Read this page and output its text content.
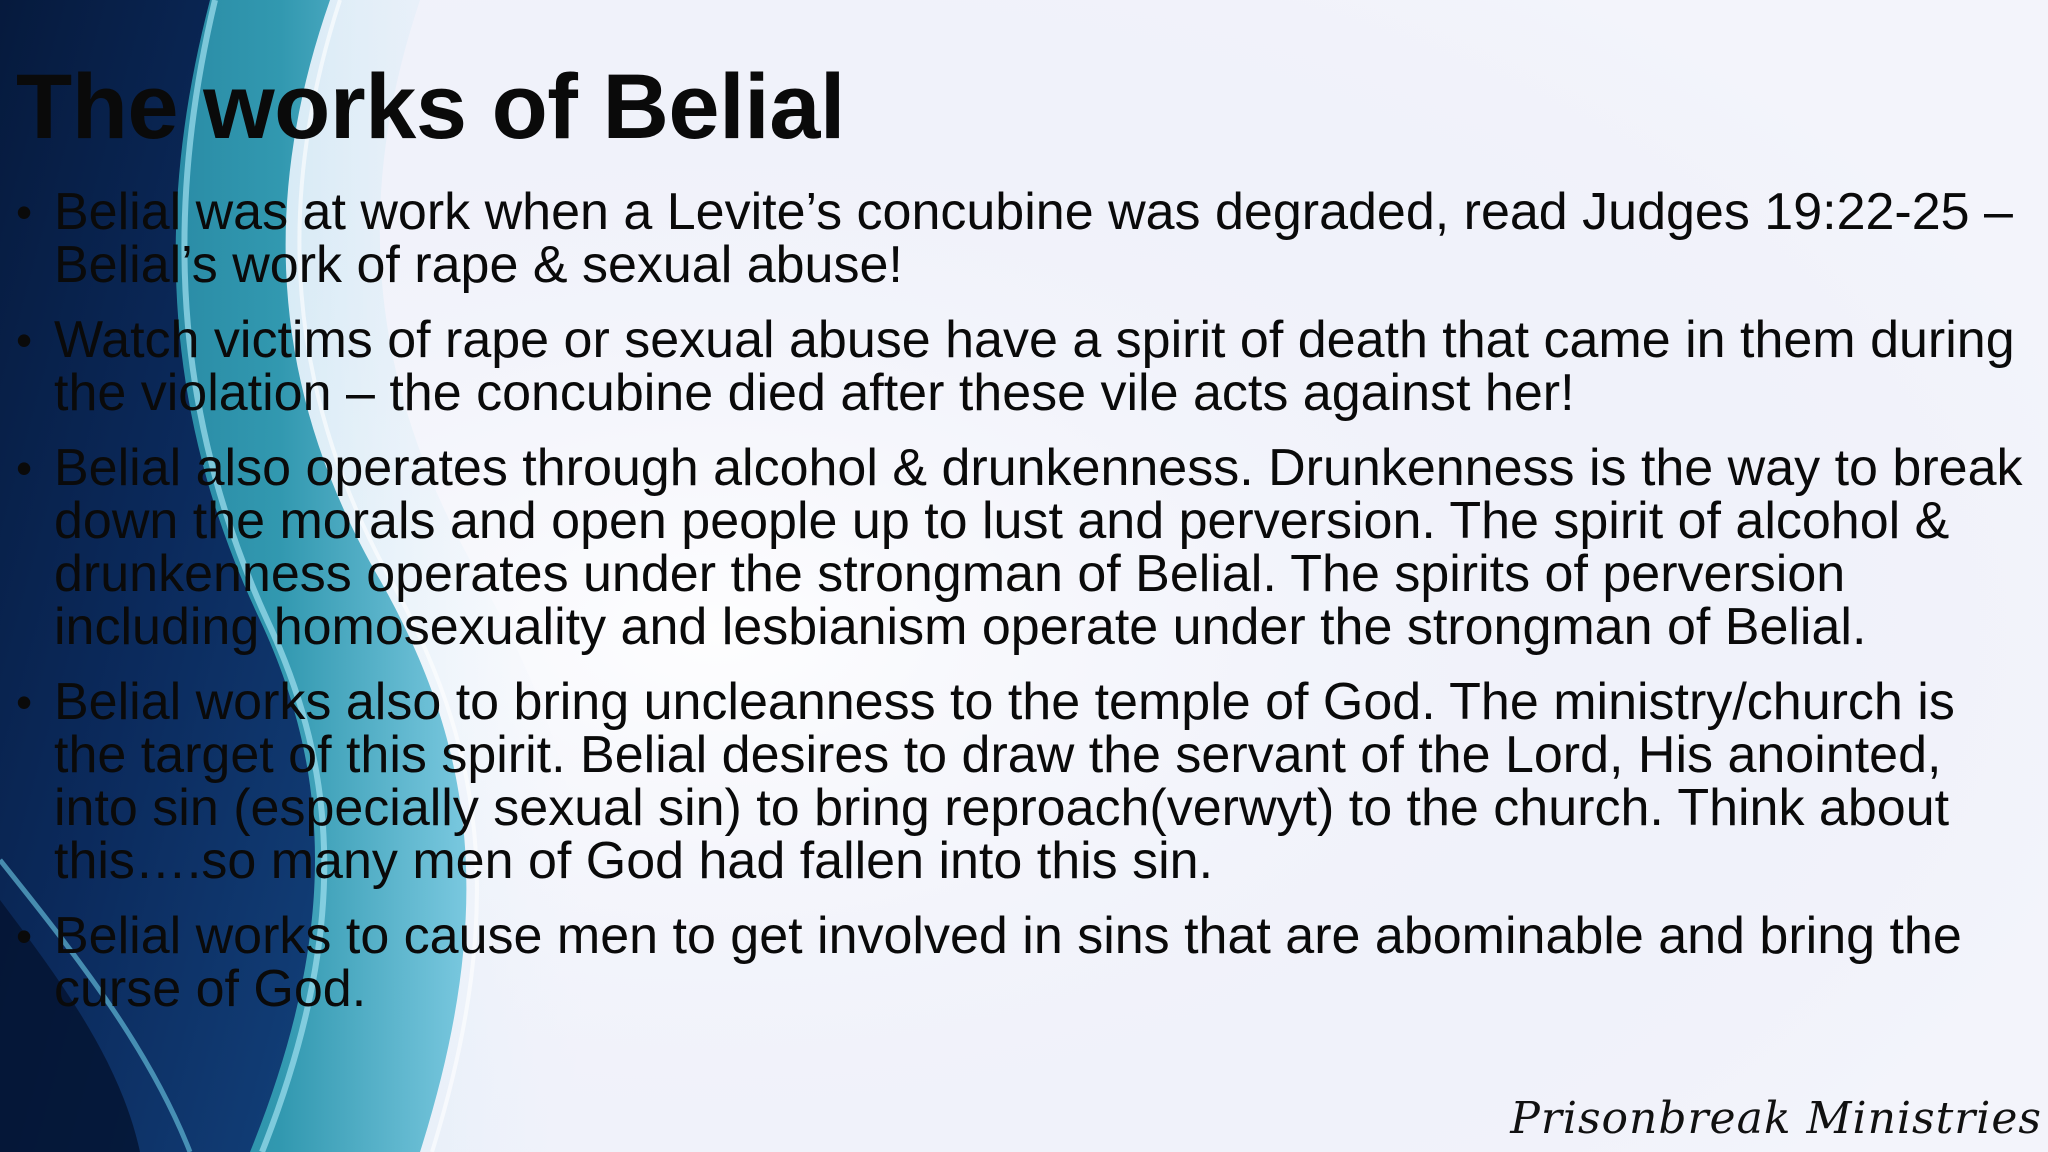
The works of Belial
• Belial was at work when a Levite’s concubine was degraded, read Judges 19:22-25 – Belial’s work of rape & sexual abuse!
• Watch victims of rape or sexual abuse have a spirit of death that came in them during the violation – the concubine died after these vile acts against her!
• Belial also operates through alcohol & drunkenness. Drunkenness is the way to break down the morals and open people up to lust and perversion. The spirit of alcohol & drunkenness operates under the strongman of Belial. The spirits of perversion including homosexuality and lesbianism operate under the strongman of Belial.
• Belial works also to bring uncleanness to the temple of God. The ministry/church is the target of this spirit. Belial desires to draw the servant of the Lord, His anointed, into sin (especially sexual sin) to bring reproach(verwyt) to the church. Think about this….so many men of God had fallen into this sin.
• Belial works to cause men to get involved in sins that are abominable and bring the curse of God.
Prisonbreak Ministries
